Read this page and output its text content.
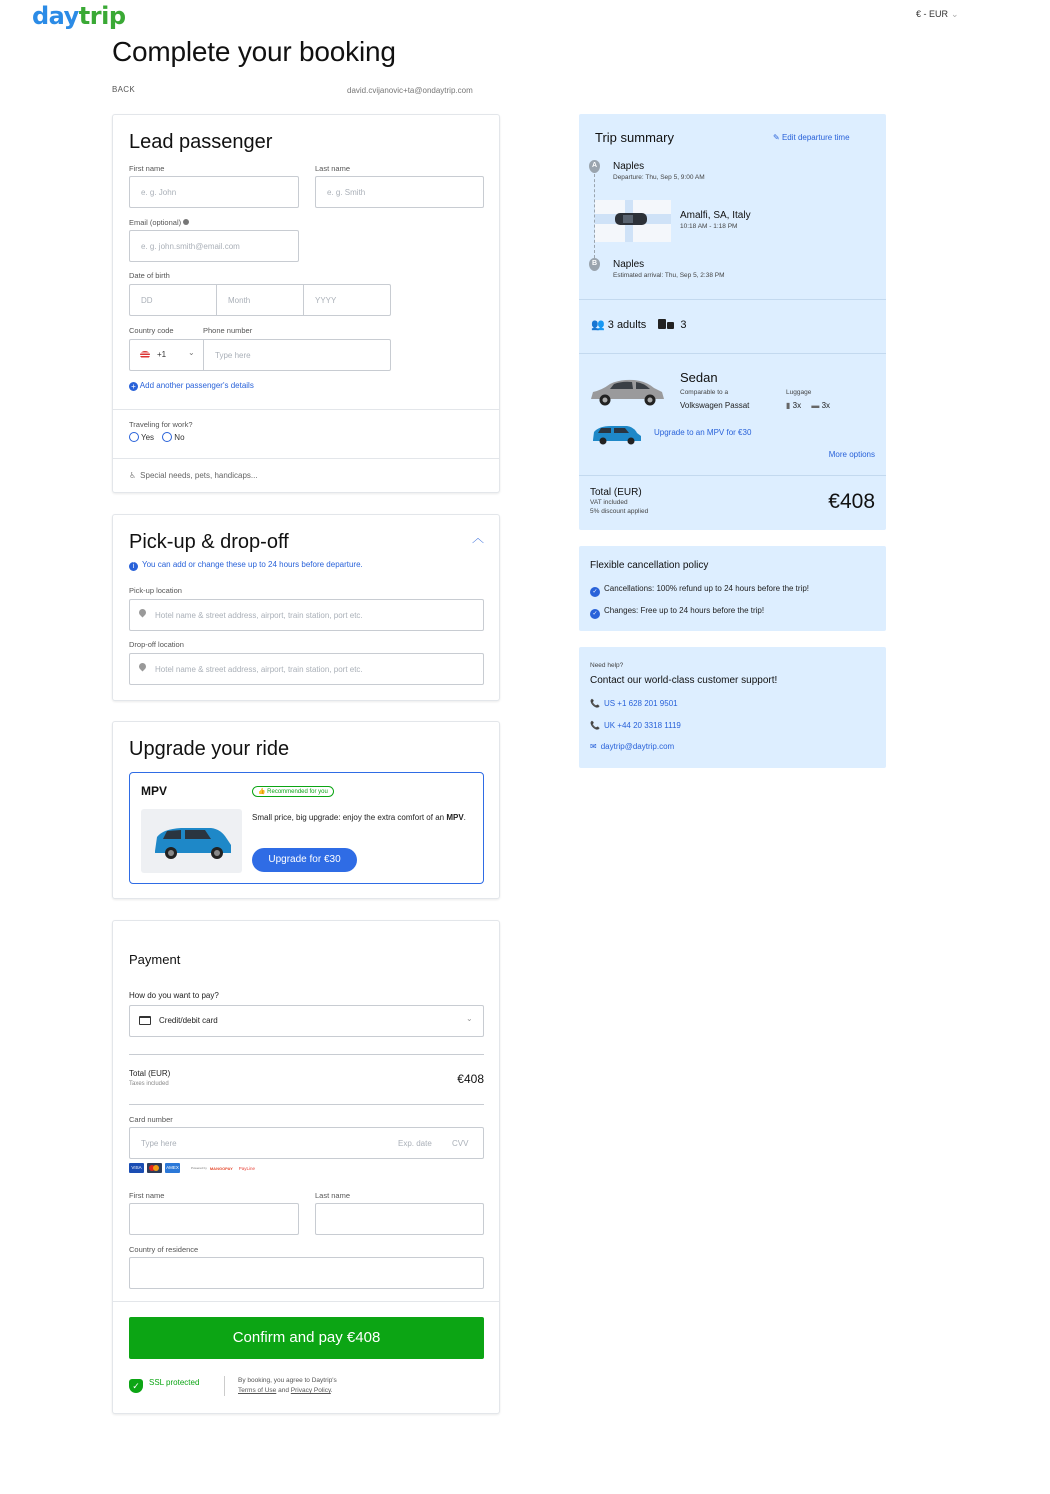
daytrip	€ - EUR ⌄
Complete your booking
BACK	david.cvijanovic+ta@ondaytrip.com
Lead passenger
First name
e. g. John
Last name
e. g. Smith
Email (optional)
e. g. john.smith@email.com
Date of birth
DD	Month	YYYY
Country code	Phone number
+1	⌄	Type here
+ Add another passenger's details
Traveling for work?
Yes	No
♿ Special needs, pets, handicaps...
Pick-up & drop-off	︿
i You can add or change these up to 24 hours before departure.
Pick-up location
Hotel name & street address, airport, train station, port etc.
Drop-off location
Hotel name & street address, airport, train station, port etc.
Upgrade your ride
MPV	👍 Recommended for you
Small price, big upgrade: enjoy the extra comfort of an MPV.
Upgrade for €30
Payment
How do you want to pay?
Credit/debit card	⌄
Total (EUR)
Taxes included	€408
Card number
Type here	Exp. date	CVV
VISA	AMEX	Powered by MANGOPAY PayLine
First name	Last name
Country of residence
Confirm and pay €408
✓ SSL protected	By booking, you agree to Daytrip's
Terms of Use and Privacy Policy.
Trip summary	✎ Edit departure time
A Naples
Departure: Thu, Sep 5, 9:00 AM
Amalfi, SA, Italy
10:18 AM - 1:18 PM
B Naples
Estimated arrival: Thu, Sep 5, 2:38 PM
👥 3 adults	3
Sedan
Comparable to a
Volkswagen Passat
Luggage
▮ 3x ▬ 3x
Upgrade to an MPV for €30
More options
Total (EUR)
VAT included
5% discount applied	€408
Flexible cancellation policy
✓ Cancellations: 100% refund up to 24 hours before the trip!
✓ Changes: Free up to 24 hours before the trip!
Need help?
Contact our world-class customer support!
📞 US +1 628 201 9501
📞 UK +44 20 3318 1119
✉ daytrip@daytrip.com
